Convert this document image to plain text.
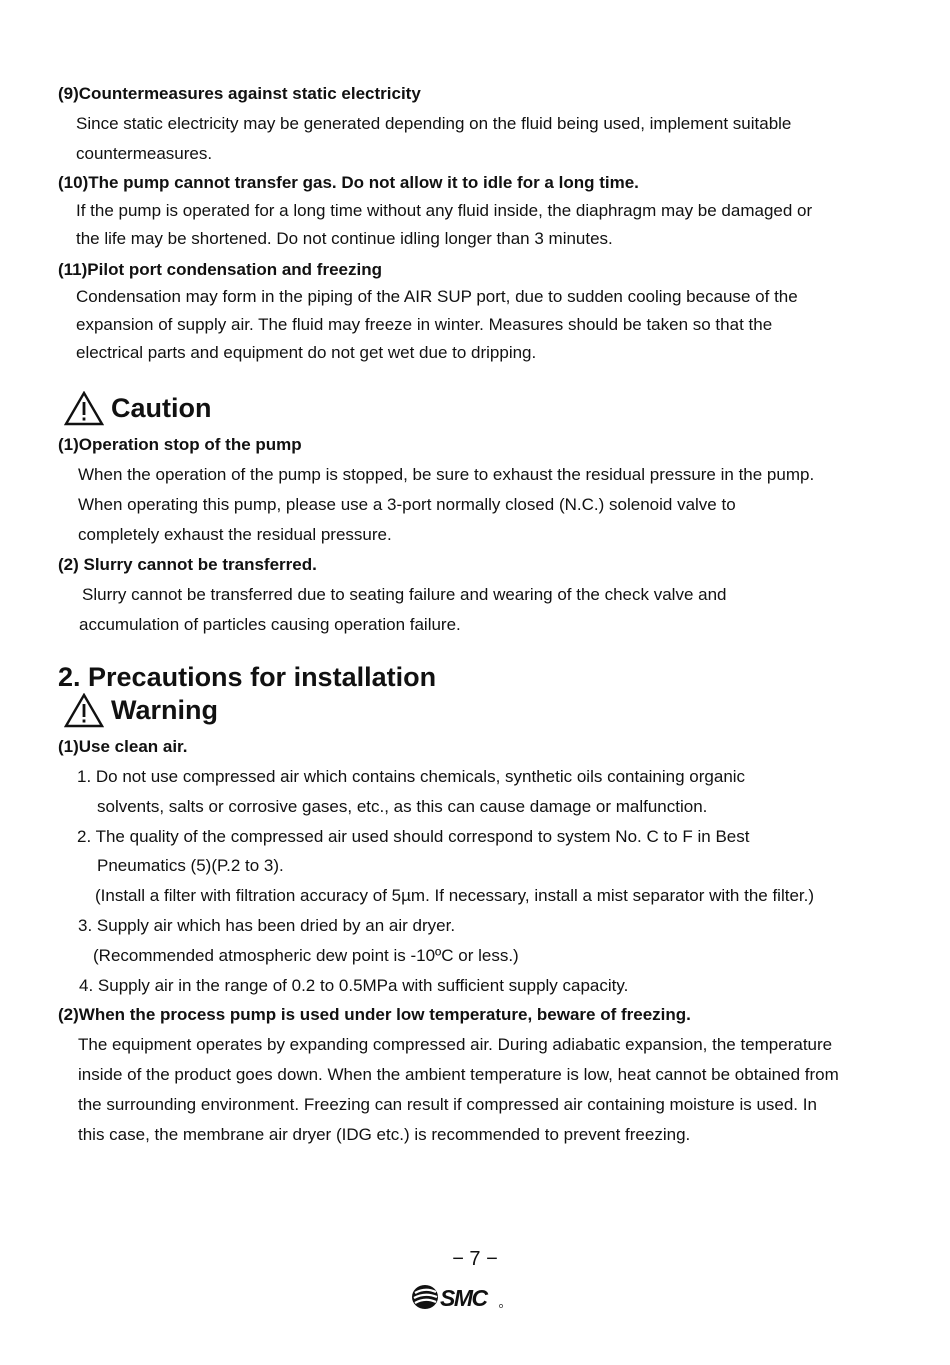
(9)Countermeasures against static electricity
Since static electricity may be generated depending on the fluid being used, implement suitable
countermeasures.
(10)The pump cannot transfer gas. Do not allow it to idle for a long time.
If the pump is operated for a long time without any fluid inside, the diaphragm may be damaged or
the life may be shortened. Do not continue idling longer than 3 minutes.
(11)Pilot port condensation and freezing
Condensation may form in the piping of the AIR SUP port, due to sudden cooling because of the
expansion of supply air. The fluid may freeze in winter. Measures should be taken so that the
electrical parts and equipment do not get wet due to dripping.
Caution
(1)Operation stop of the pump
When the operation of the pump is stopped, be sure to exhaust the residual pressure in the pump.
When operating this pump, please use a 3-port normally closed (N.C.) solenoid valve to
completely exhaust the residual pressure.
(2) Slurry cannot be transferred.
Slurry cannot be transferred due to seating failure and wearing of the check valve and
accumulation of particles causing operation failure.
2. Precautions for installation
Warning
(1)Use clean air.
1. Do not use compressed air which contains chemicals, synthetic oils containing organic
solvents, salts or corrosive gases, etc., as this can cause damage or malfunction.
2. The quality of the compressed air used should correspond to system No. C to F in Best
Pneumatics (5)(P.2 to 3).
(Install a filter with filtration accuracy of 5µm. If necessary, install a mist separator with the filter.)
3. Supply air which has been dried by an air dryer.
(Recommended atmospheric dew point is -10ºC or less.)
4. Supply air in the range of 0.2 to 0.5MPa with sufficient supply capacity.
(2)When the process pump is used under low temperature, beware of freezing.
The equipment operates by expanding compressed air. During adiabatic expansion, the temperature
inside of the product goes down. When the ambient temperature is low, heat cannot be obtained from
the surrounding environment. Freezing can result if compressed air containing moisture is used. In
this case, the membrane air dryer (IDG etc.) is recommended to prevent freezing.
− 7 −
SMC
